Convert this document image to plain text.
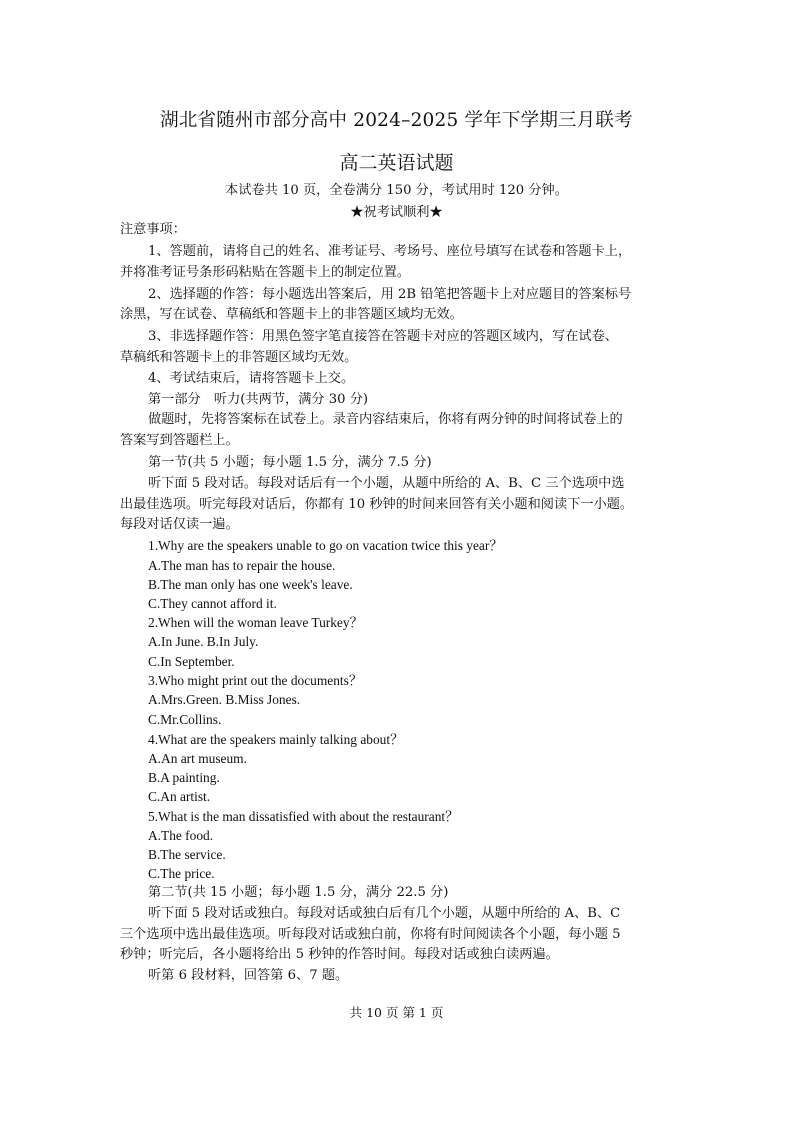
湖北省随州市部分高中 2024–2025 学年下学期三月联考
高二英语试题
本试卷共 10 页，全卷满分 150 分，考试用时 120 分钟。
★祝考试顺利★
注意事项：
1、答题前，请将自己的姓名、准考证号、考场号、座位号填写在试卷和答题卡上，
并将准考证号条形码粘贴在答题卡上的制定位置。
2、选择题的作答：每小题选出答案后，用 2B 铅笔把答题卡上对应题目的答案标号
涂黑，写在试卷、草稿纸和答题卡上的非答题区域均无效。
3、非选择题作答：用黑色签字笔直接答在答题卡对应的答题区域内，写在试卷、
草稿纸和答题卡上的非答题区域均无效。
4、考试结束后，请将答题卡上交。
第一部分　听力(共两节，满分 30 分)
做题时，先将答案标在试卷上。录音内容结束后，你将有两分钟的时间将试卷上的
答案写到答题栏上。
第一节(共 5 小题；每小题 1.5 分，满分 7.5 分)
听下面 5 段对话。每段对话后有一个小题，从题中所给的 A、B、C 三个选项中选
出最佳选项。听完每段对话后，你都有 10 秒钟的时间来回答有关小题和阅读下一小题。
每段对话仅读一遍。
1.Why are the speakers unable to go on vacation twice this year？
A.The man has to repair the house.
B.The man only has one week's leave.
C.They cannot afford it.
2.When will the woman leave Turkey？
A.In June. B.In July.
C.In September.
3.Who might print out the documents？
A.Mrs.Green. B.Miss Jones.
C.Mr.Collins.
4.What are the speakers mainly talking about？
A.An art museum.
B.A painting.
C.An artist.
5.What is the man dissatisfied with about the restaurant？
A.The food.
B.The service.
C.The price.
第二节(共 15 小题；每小题 1.5 分，满分 22.5 分)
听下面 5 段对话或独白。每段对话或独白后有几个小题，从题中所给的 A、B、C
三个选项中选出最佳选项。听每段对话或独白前，你将有时间阅读各个小题，每小题 5
秒钟；听完后，各小题将给出 5 秒钟的作答时间。每段对话或独白读两遍。
听第 6 段材料，回答第 6、7 题。
共 10 页 第 1 页
